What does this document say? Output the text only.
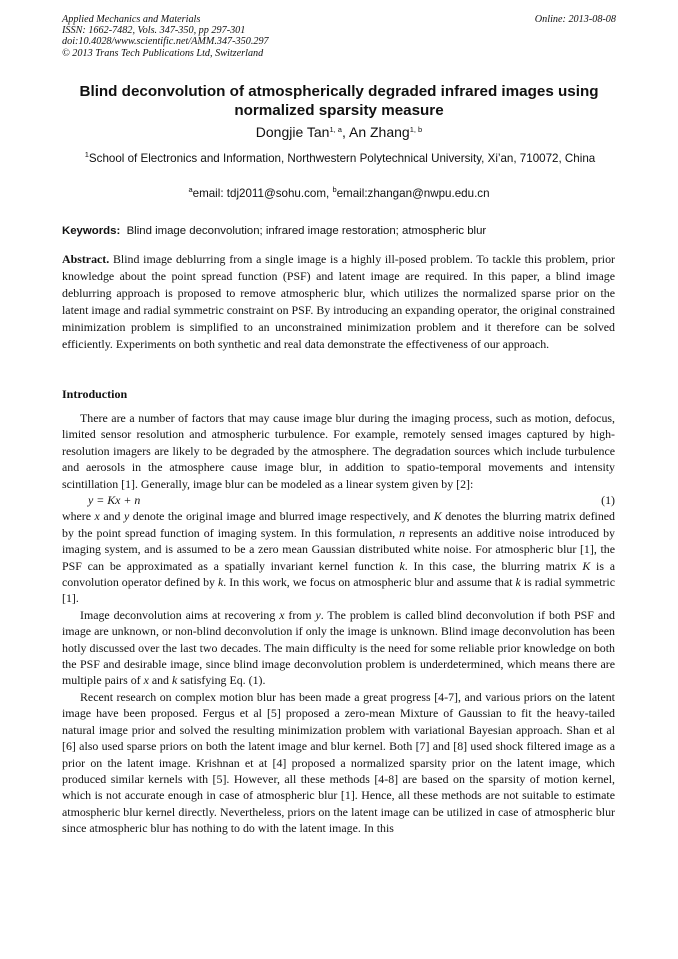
Applied Mechanics and Materials
ISSN: 1662-7482, Vols. 347-350, pp 297-301
doi:10.4028/www.scientific.net/AMM.347-350.297
© 2013 Trans Tech Publications Ltd, Switzerland
Online: 2013-08-08
Blind deconvolution of atmospherically degraded infrared images using
normalized sparsity measure
Dongjie Tan$^{1, a}$, An Zhang$^{1, b}$
$^1$School of Electronics and Information, Northwestern Polytechnical University, Xi’an, 710072, China
$^a$email: tdj2011@sohu.com, $^b$email:zhangan@nwpu.edu.cn
Keywords: Blind image deconvolution; infrared image restoration; atmospheric blur
Abstract. Blind image deblurring from a single image is a highly ill-posed problem. To tackle this problem, prior knowledge about the point spread function (PSF) and latent image are required. In this paper, a blind image deblurring approach is proposed to remove atmospheric blur, which utilizes the normalized sparse prior on the latent image and radial symmetric constraint on PSF. By introducing an expanding operator, the original constrained minimization problem is simplified to an unconstrained minimization problem and it therefore can be solved efficiently. Experiments on both synthetic and real data demonstrate the effectiveness of our approach.
Introduction

There are a number of factors that may cause image blur during the imaging process, such as motion, defocus, limited sensor resolution and atmospheric turbulence. For example, remotely sensed images captured by high-resolution imagers are likely to be degraded by the atmosphere. The degradation sources which include turbulence and aerosols in the atmosphere cause image blur, in addition to spatio-temporal movements and intensity scintillation [1]. Generally, image blur can be modeled as a linear system given by [2]:

y = Kx + n	(1)

where x and y denote the original image and blurred image respectively, and K denotes the blurring matrix defined by the point spread function of imaging system. In this formulation, n represents an additive noise introduced by imaging system, and is assumed to be a zero mean Gaussian distributed white noise. For atmospheric blur [1], the PSF can be approximated as a spatially invariant kernel function k. In this case, the blurring matrix K is a convolution operator defined by k. In this work, we focus on atmospheric blur and assume that k is radial symmetric [1].

Image deconvolution aims at recovering x from y. The problem is called blind deconvolution if both PSF and image are unknown, or non-blind deconvolution if only the image is unknown. Blind image deconvolution has been hotly discussed over the last two decades. The main difficulty is the need for some reliable prior knowledge on both the PSF and desirable image, since blind image deconvolution problem is underdetermined, which means there are multiple pairs of x and k satisfying Eq. (1).

Recent research on complex motion blur has been made a great progress [4-7], and various priors on the latent image have been proposed. Fergus et al [5] proposed a zero-mean Mixture of Gaussian to fit the heavy-tailed natural image prior and solved the resulting minimization problem with variational Bayesian approach. Shan et al [6] also used sparse priors on both the latent image and blur kernel. Both [7] and [8] used shock filtered image as a prior on the latent image. Krishnan et at [4] proposed a normalized sparsity prior on the latent image, which produced similar kernels with [5]. However, all these methods [4-8] are based on the sparsity of motion kernel, which is not accurate enough in case of atmospheric blur [1]. Hence, all these methods are not suitable to estimate atmospheric blur kernel directly. Nevertheless, priors on the latent image can be utilized in case of atmospheric blur since atmospheric blur has nothing to do with the latent image. In this
